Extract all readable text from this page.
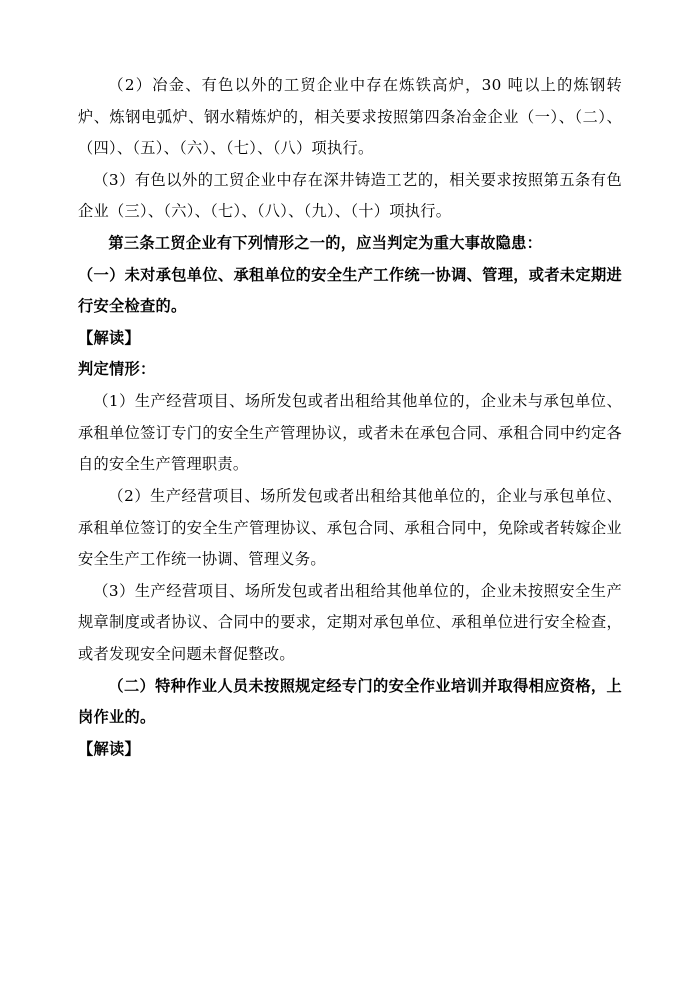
（2）冶金、有色以外的工贸企业中存在炼铁高炉，30 吨以上的炼钢转炉、炼钢电弧炉、钢水精炼炉的，相关要求按照第四条冶金企业（一）、（二）、（四）、（五）、（六）、（七）、（八）项执行。

（3）有色以外的工贸企业中存在深井铸造工艺的，相关要求按照第五条有色企业（三）、（六）、（七）、（八）、（九）、（十）项执行。

第三条工贸企业有下列情形之一的，应当判定为重大事故隐患：

（一）未对承包单位、承租单位的安全生产工作统一协调、管理，或者未定期进行安全检查的。

【解读】

判定情形：

（1）生产经营项目、场所发包或者出租给其他单位的，企业未与承包单位、承租单位签订专门的安全生产管理协议，或者未在承包合同、承租合同中约定各自的安全生产管理职责。

（2）生产经营项目、场所发包或者出租给其他单位的，企业与承包单位、承租单位签订的安全生产管理协议、承包合同、承租合同中，免除或者转嫁企业安全生产工作统一协调、管理义务。

（3）生产经营项目、场所发包或者出租给其他单位的，企业未按照安全生产规章制度或者协议、合同中的要求，定期对承包单位、承租单位进行安全检查，或者发现安全问题未督促整改。

（二）特种作业人员未按照规定经专门的安全作业培训并取得相应资格，上岗作业的。

【解读】
